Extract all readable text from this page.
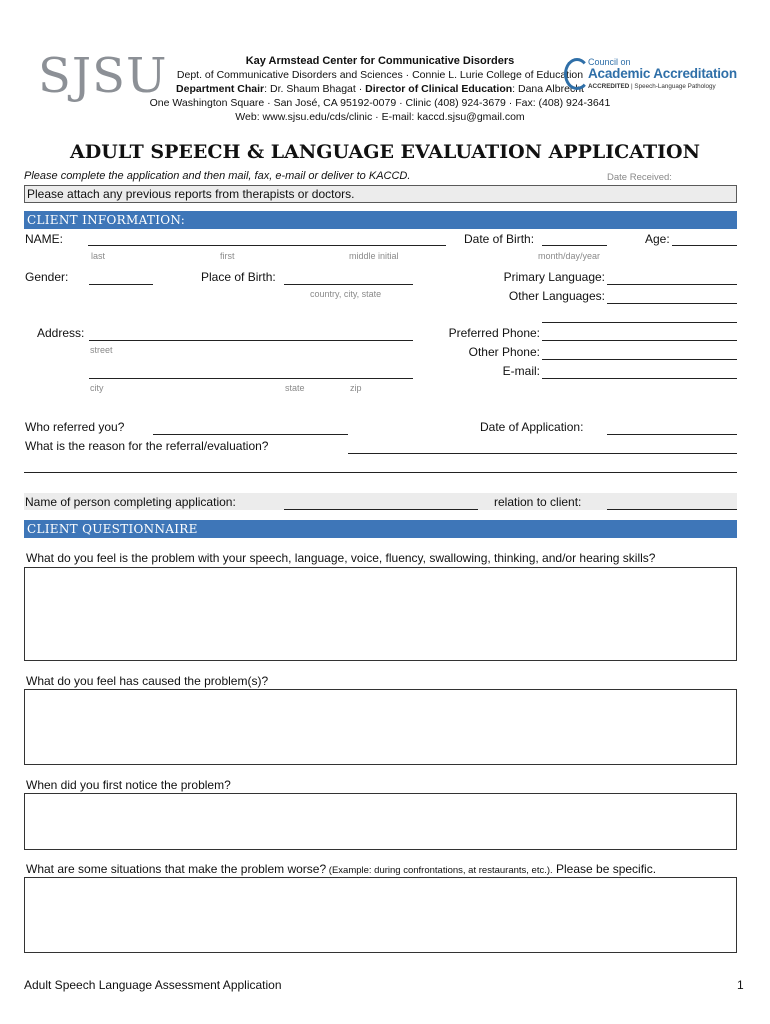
SJSU	Kay Armstead Center for Communicative Disorders
Dept. of Communicative Disorders and Sciences · Connie L. Lurie College of Education
Department Chair: Dr. Shaum Bhagat · Director of Clinical Education: Dana Albrecht
One Washington Square · San José, CA 95192-0079 · Clinic (408) 924-3679 · Fax: (408) 924-3641
Web: www.sjsu.edu/cds/clinic · E-mail: kaccd.sjsu@gmail.com
Council on
Academic Accreditation
ACCREDITED | Speech-Language Pathology
ADULT SPEECH & LANGUAGE EVALUATION APPLICATION
Please complete the application and then mail, fax, e-mail or deliver to KACCD.	Date Received:
Please attach any previous reports from therapists or doctors.
CLIENT INFORMATION:
NAME:
last	first	middle initial
Date of Birth:
month/day/year
Age:
Gender:	Place of Birth:
country, city, state
Primary Language:
Other Languages:
Address:
street
Preferred Phone:
Other Phone:
E-mail:
city	state	zip
Who referred you?	Date of Application:
What is the reason for the referral/evaluation?
Name of person completing application:	relation to client:
CLIENT QUESTIONNAIRE
What do you feel is the problem with your speech, language, voice, fluency, swallowing, thinking, and/or hearing skills?
What do you feel has caused the problem(s)?
When did you first notice the problem?
What are some situations that make the problem worse? (Example: during confrontations, at restaurants, etc.). Please be specific.
Adult Speech Language Assessment Application	1
